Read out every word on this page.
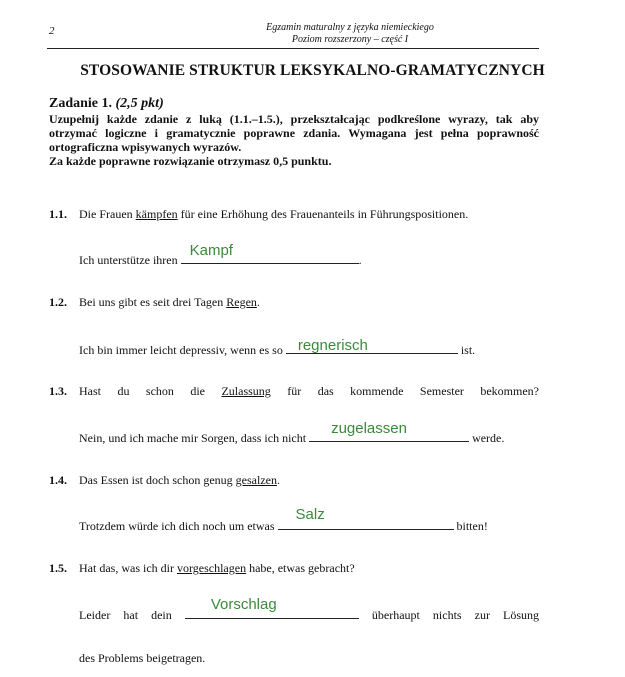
2	Egzamin maturalny z języka niemieckiego
Poziom rozszerzony – część I
STOSOWANIE STRUKTUR LEKSYKALNO-GRAMATYCZNYCH
Zadanie 1. (2,5 pkt)

Uzupełnij każde zdanie z luką (1.1.–1.5.), przekształcając podkreślone wyrazy, tak aby otrzymać logiczne i gramatycznie poprawne zdania. Wymagana jest pełna poprawność ortograficzna wpisywanych wyrazów.

Za każde poprawne rozwiązanie otrzymasz 0,5 punktu.

1.1. Die Frauen kämpfen für eine Erhöhung des Frauenanteils in Führungspositionen.
Ich unterstütze ihren
Kampf
.
1.2. Bei uns gibt es seit drei Tagen Regen.
Ich bin immer leicht depressiv, wenn es so regnerisch	ist.
1.3. Hast du schon die Zulassung für das kommende Semester bekommen?
Nein, und ich mache mir Sorgen, dass ich nicht
zugelassen
werde.
1.4. Das Essen ist doch schon genug gesalzen.
Trotzdem würde ich dich noch um etwas
Salz
bitten!
1.5. Hat das, was ich dir vorgeschlagen habe, etwas gebracht?
Leider hat dein
Vorschlag
überhaupt nichts zur Lösung
des Problems beigetragen.
